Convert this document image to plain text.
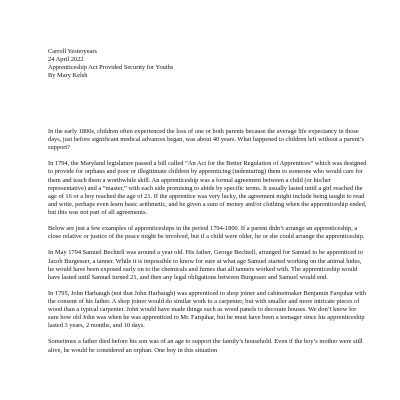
Carroll Yesteryears
24 April 2022
Apprenticeship Act Provided Security for Youths
By Mary Kelsh

In the early 1800s, children often experienced the loss of one or both parents because the average life expectancy in those days, just before significant medical advances began, was about 40 years. What happened to children left without a parent’s support?

In 1794, the Maryland legislature passed a bill called “An Act for the Better Regulation of Apprentices” which was designed to provide for orphans and poor or illegitimate children by apprenticing (indenturing) them to someone who would care for them and teach them a worthwhile skill. An apprenticeship was a formal agreement between a child (or his/her representative) and a “master,” with each side promising to abide by specific terms. It usually lasted until a girl reached the age of 16 or a boy reached the age of 21. If the apprentice was very lucky, the agreement might include being taught to read and write, perhaps even learn basic arithmetic, and be given a sum of money and/or clothing when the apprenticeship ended, but this was not part of all agreements.

Below are just a few examples of apprenticeships in the period 1794-1800. If a parent didn’t arrange an apprenticeship, a close relative or justice of the peace might be involved, but if a child were older, he or she could arrange the apprenticeship.

In May 1794 Samuel Bechtell was around a year old. His father, George Bechtell, arranged for Samuel to be apprenticed to Jacob Burgesser, a tanner. While it is impossible to know for sure at what age Samuel started working on the animal hides, he would have been exposed early on to the chemicals and fumes that all tanners worked with. The apprenticeship would have lasted until Samuel turned 21, and then any legal obligations between Burgesser and Samuel would end.

In 1795, John Harbaugh (not that John Harbaugh) was apprenticed to shop joiner and cabinetmaker Benjamin Farquhar with the consent of his father. A shop joiner would do similar work to a carpenter, but with smaller and more intricate pieces of wood than a typical carpenter. John would have made things such as wood panels to decorate houses. We don’t know for sure how old John was when he was apprenticed to Mr. Farquhar, but he must have been a teenager since his apprenticeship lasted 3 years, 2 months, and 10 days.

Sometimes a father died before his son was of an age to support the family’s household. Even if the boy’s mother were still alive, he would be considered an orphan. One boy in this situation
